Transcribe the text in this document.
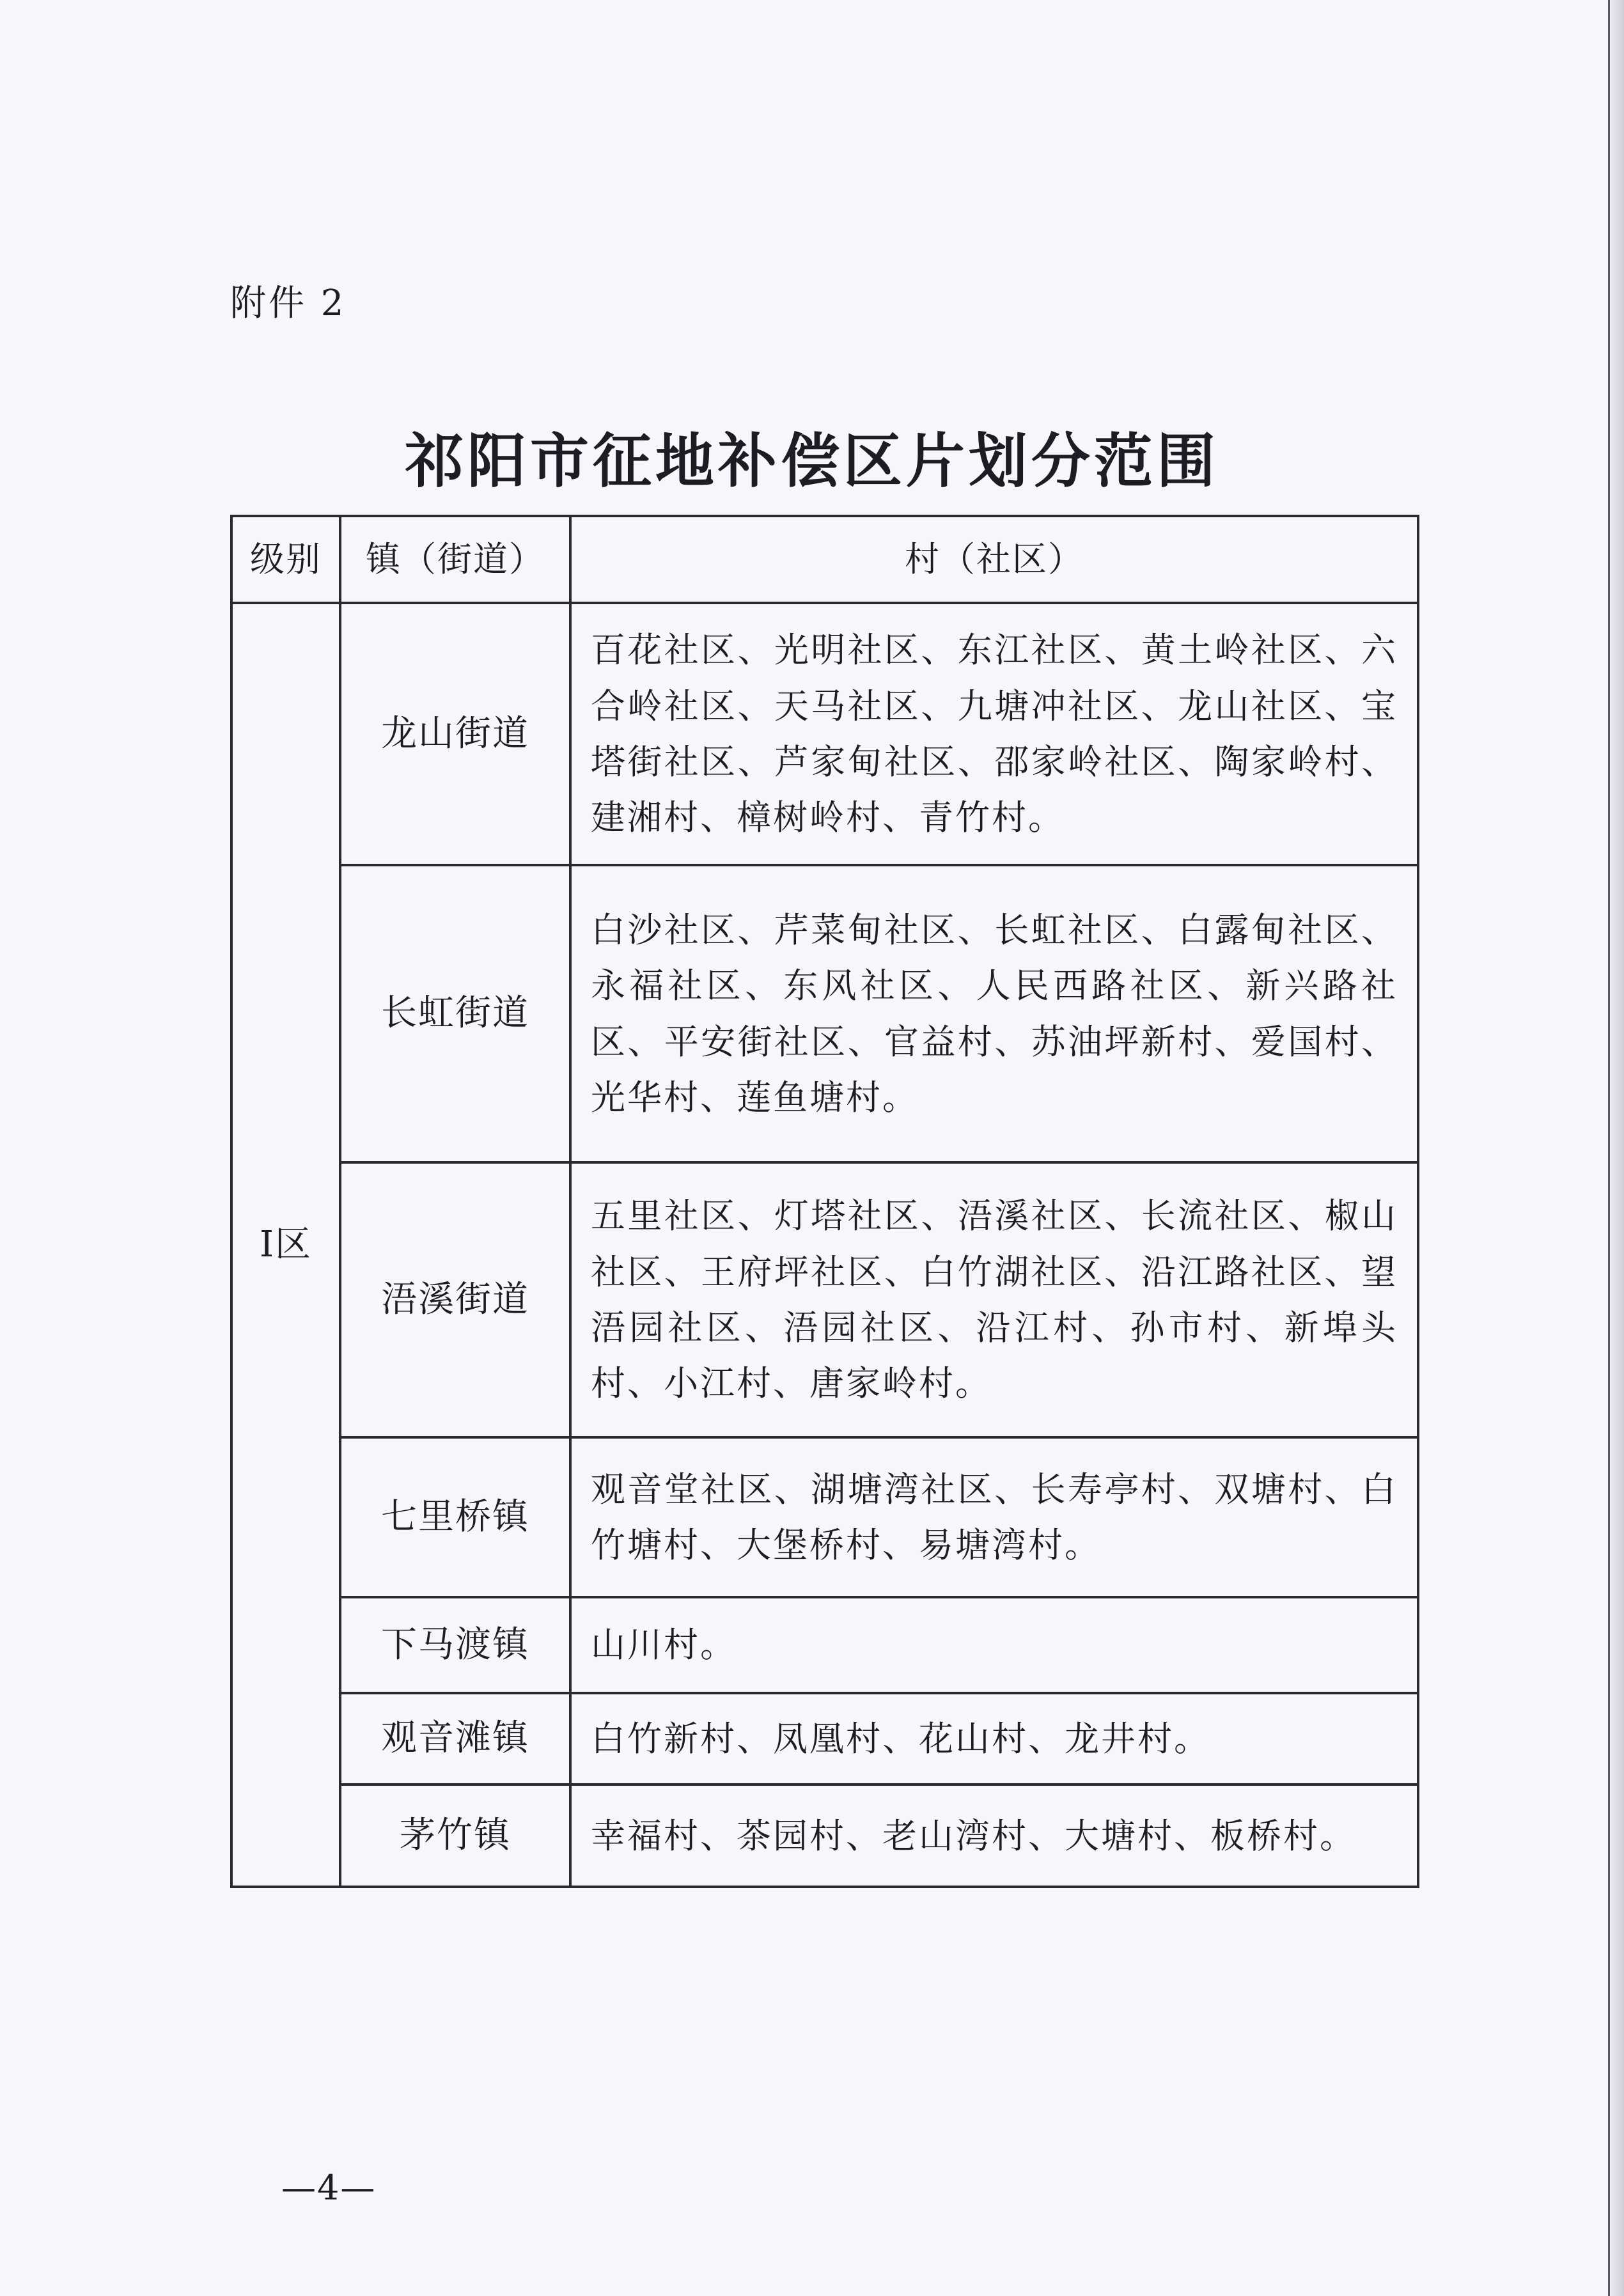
附件 2
祁阳市征地补偿区片划分范围
级别	镇（街道）	村（社区）
Ⅰ区	龙山街道	百花社区、光明社区、东江社区、黄土岭社区、六合岭社区、天马社区、九塘冲社区、龙山社区、宝塔街社区、芦家甸社区、邵家岭社区、陶家岭村、建湘村、樟树岭村、青竹村。
	长虹街道	白沙社区、芹菜甸社区、长虹社区、白露甸社区、永福社区、东风社区、人民西路社区、新兴路社区、平安街社区、官益村、苏油坪新村、爱国村、光华村、莲鱼塘村。
	浯溪街道	五里社区、灯塔社区、浯溪社区、长流社区、椒山社区、王府坪社区、白竹湖社区、沿江路社区、望浯园社区、浯园社区、沿江村、孙市村、新埠头村、小江村、唐家岭村。
	七里桥镇	观音堂社区、湖塘湾社区、长寿亭村、双塘村、白竹塘村、大堡桥村、易塘湾村。
	下马渡镇	山川村。
	观音滩镇	白竹新村、凤凰村、花山村、龙井村。
	茅竹镇	幸福村、茶园村、老山湾村、大塘村、板桥村。
—4—
